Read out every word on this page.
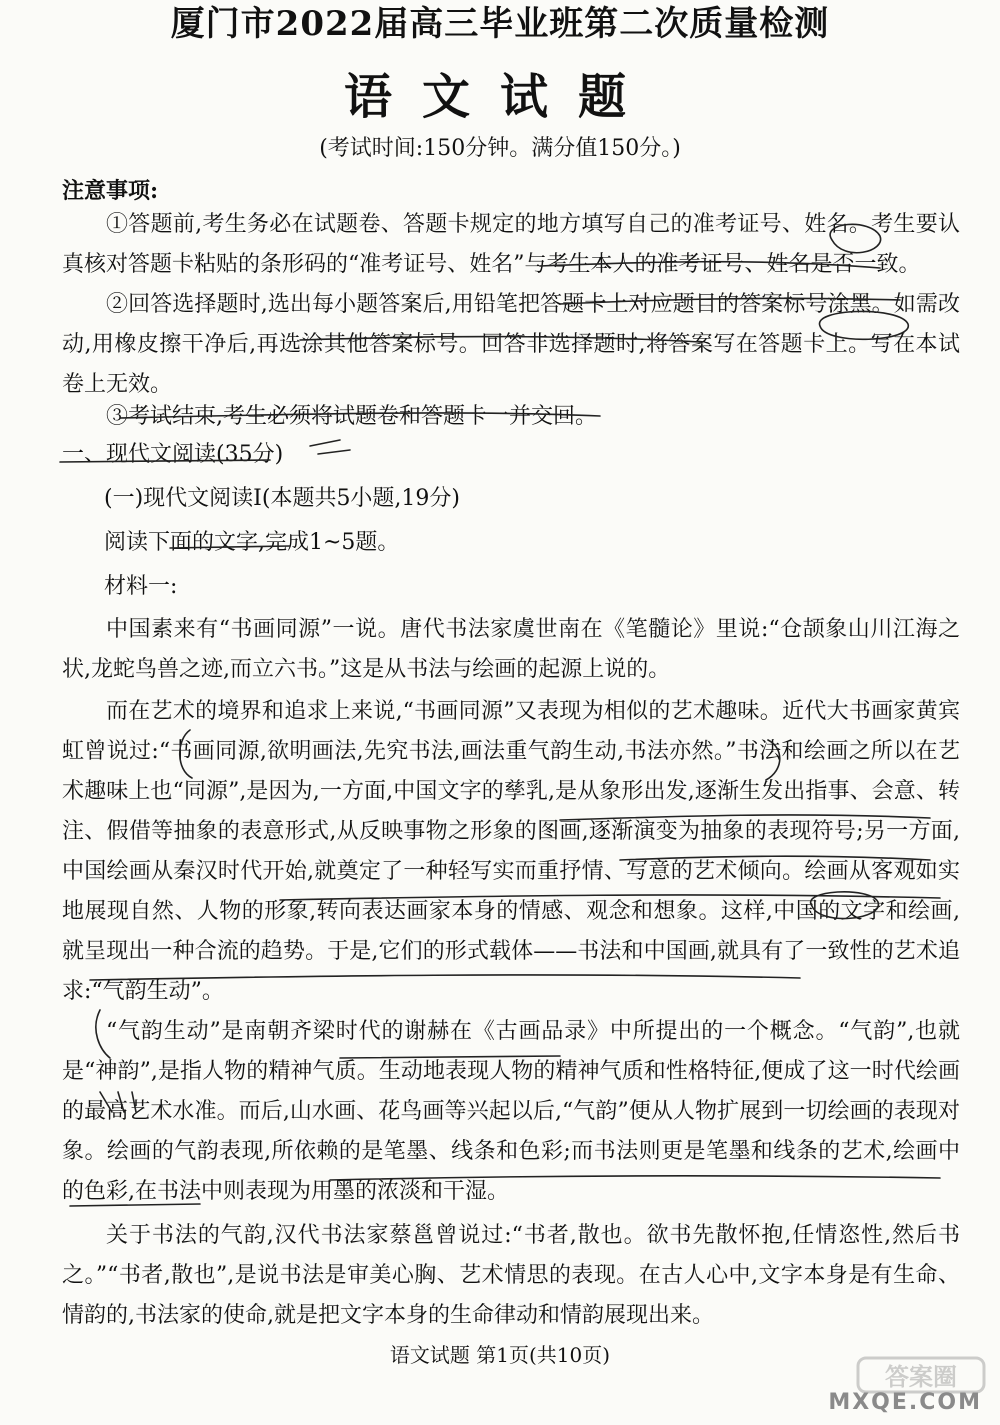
厦门市2022届高三毕业班第二次质量检测
语文试题
(考试时间:150分钟。满分值150分。)
注意事项:
①答题前,考生务必在试题卷、答题卡规定的地方填写自己的准考证号、姓名。考生要认真核对答题卡粘贴的条形码的“准考证号、姓名”与考生本人的准考证号、姓名是否一致。
②回答选择题时,选出每小题答案后,用铅笔把答题卡上对应题目的答案标号涂黑。如需改动,用橡皮擦干净后,再选涂其他答案标号。回答非选择题时,将答案写在答题卡上。写在本试卷上无效。
③考试结束,考生必须将试题卷和答题卡一并交回。
一、现代文阅读(35分)
(一)现代文阅读Ⅰ(本题共5小题,19分)
阅读下面的文字,完成1~5题。
材料一:
中国素来有“书画同源”一说。唐代书法家虞世南在《笔髓论》里说:“仓颉象山川江海之状,龙蛇鸟兽之迹,而立六书。”这是从书法与绘画的起源上说的。
而在艺术的境界和追求上来说,“书画同源”又表现为相似的艺术趣味。近代大书画家黄宾虹曾说过:“书画同源,欲明画法,先究书法,画法重气韵生动,书法亦然。”书法和绘画之所以在艺术趣味上也“同源”,是因为,一方面,中国文字的孳乳,是从象形出发,逐渐生发出指事、会意、转注、假借等抽象的表意形式,从反映事物之形象的图画,逐渐演变为抽象的表现符号;另一方面,中国绘画从秦汉时代开始,就奠定了一种轻写实而重抒情、写意的艺术倾向。绘画从客观如实地展现自然、人物的形象,转向表达画家本身的情感、观念和想象。这样,中国的文字和绘画,就呈现出一种合流的趋势。于是,它们的形式载体——书法和中国画,就具有了一致性的艺术追求:“气韵生动”。
“气韵生动”是南朝齐梁时代的谢赫在《古画品录》中所提出的一个概念。“气韵”,也就是“神韵”,是指人物的精神气质。生动地表现人物的精神气质和性格特征,便成了这一时代绘画的最高艺术水准。而后,山水画、花鸟画等兴起以后,“气韵”便从人物扩展到一切绘画的表现对象。绘画的气韵表现,所依赖的是笔墨、线条和色彩;而书法则更是笔墨和线条的艺术,绘画中的色彩,在书法中则表现为用墨的浓淡和干湿。
关于书法的气韵,汉代书法家蔡邕曾说过:“书者,散也。欲书先散怀抱,任情恣性,然后书之。”“书者,散也”,是说书法是审美心胸、艺术情思的表现。在古人心中,文字本身是有生命、情韵的,书法家的使命,就是把文字本身的生命律动和情韵展现出来。
语文试题 第1页(共10页)
答案圈
MXQE.COM
